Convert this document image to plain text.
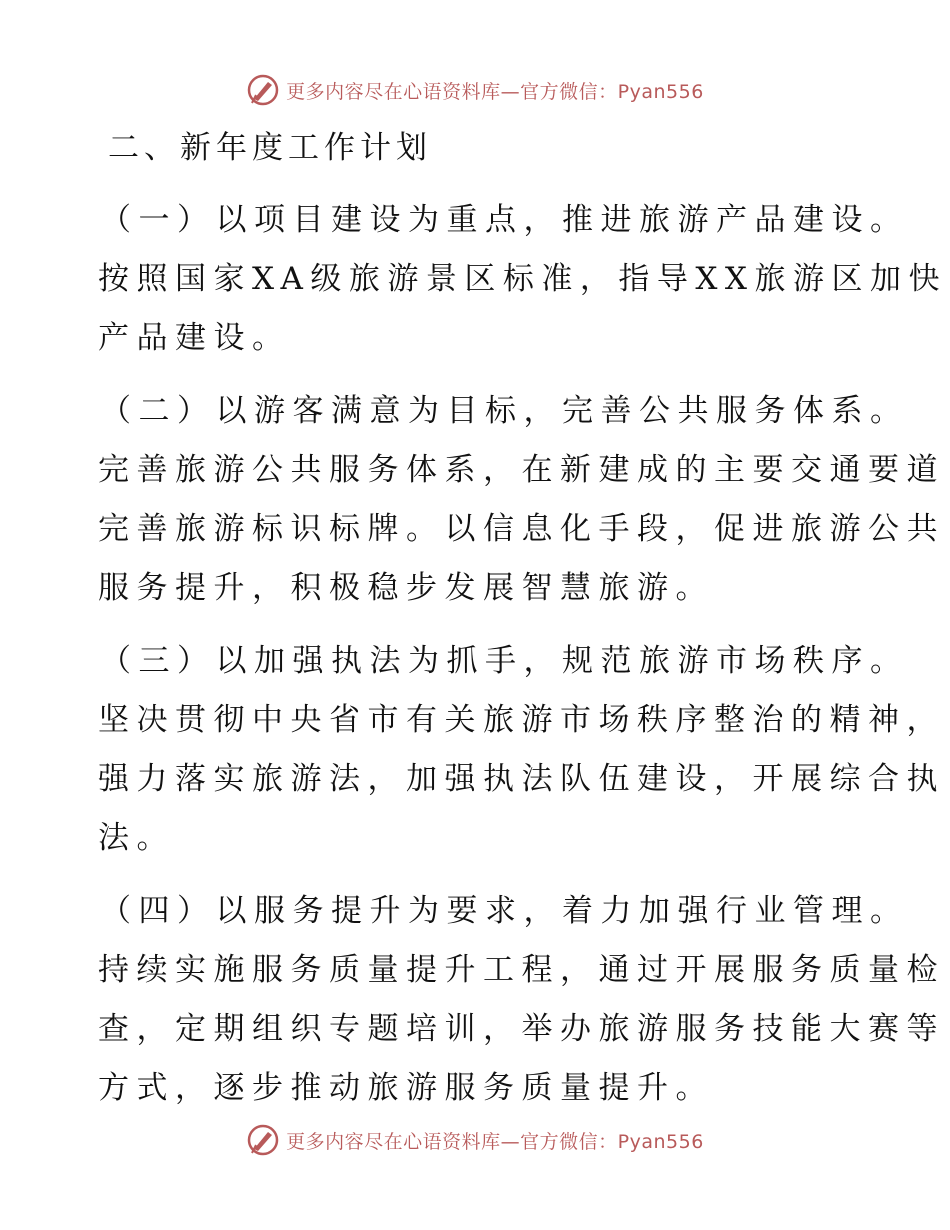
更多内容尽在心语资料库—官方微信：Pyan556
二、新年度工作计划
（一）以项目建设为重点，推进旅游产品建设。
按照国家XA级旅游景区标准，指导XX旅游区加快
产品建设。
（二）以游客满意为目标，完善公共服务体系。
完善旅游公共服务体系，在新建成的主要交通要道
完善旅游标识标牌。以信息化手段，促进旅游公共
服务提升，积极稳步发展智慧旅游。
（三）以加强执法为抓手，规范旅游市场秩序。
坚决贯彻中央省市有关旅游市场秩序整治的精神，
强力落实旅游法，加强执法队伍建设，开展综合执
法。
（四）以服务提升为要求，着力加强行业管理。
持续实施服务质量提升工程，通过开展服务质量检
查，定期组织专题培训，举办旅游服务技能大赛等
方式，逐步推动旅游服务质量提升。
更多内容尽在心语资料库—官方微信：Pyan556
